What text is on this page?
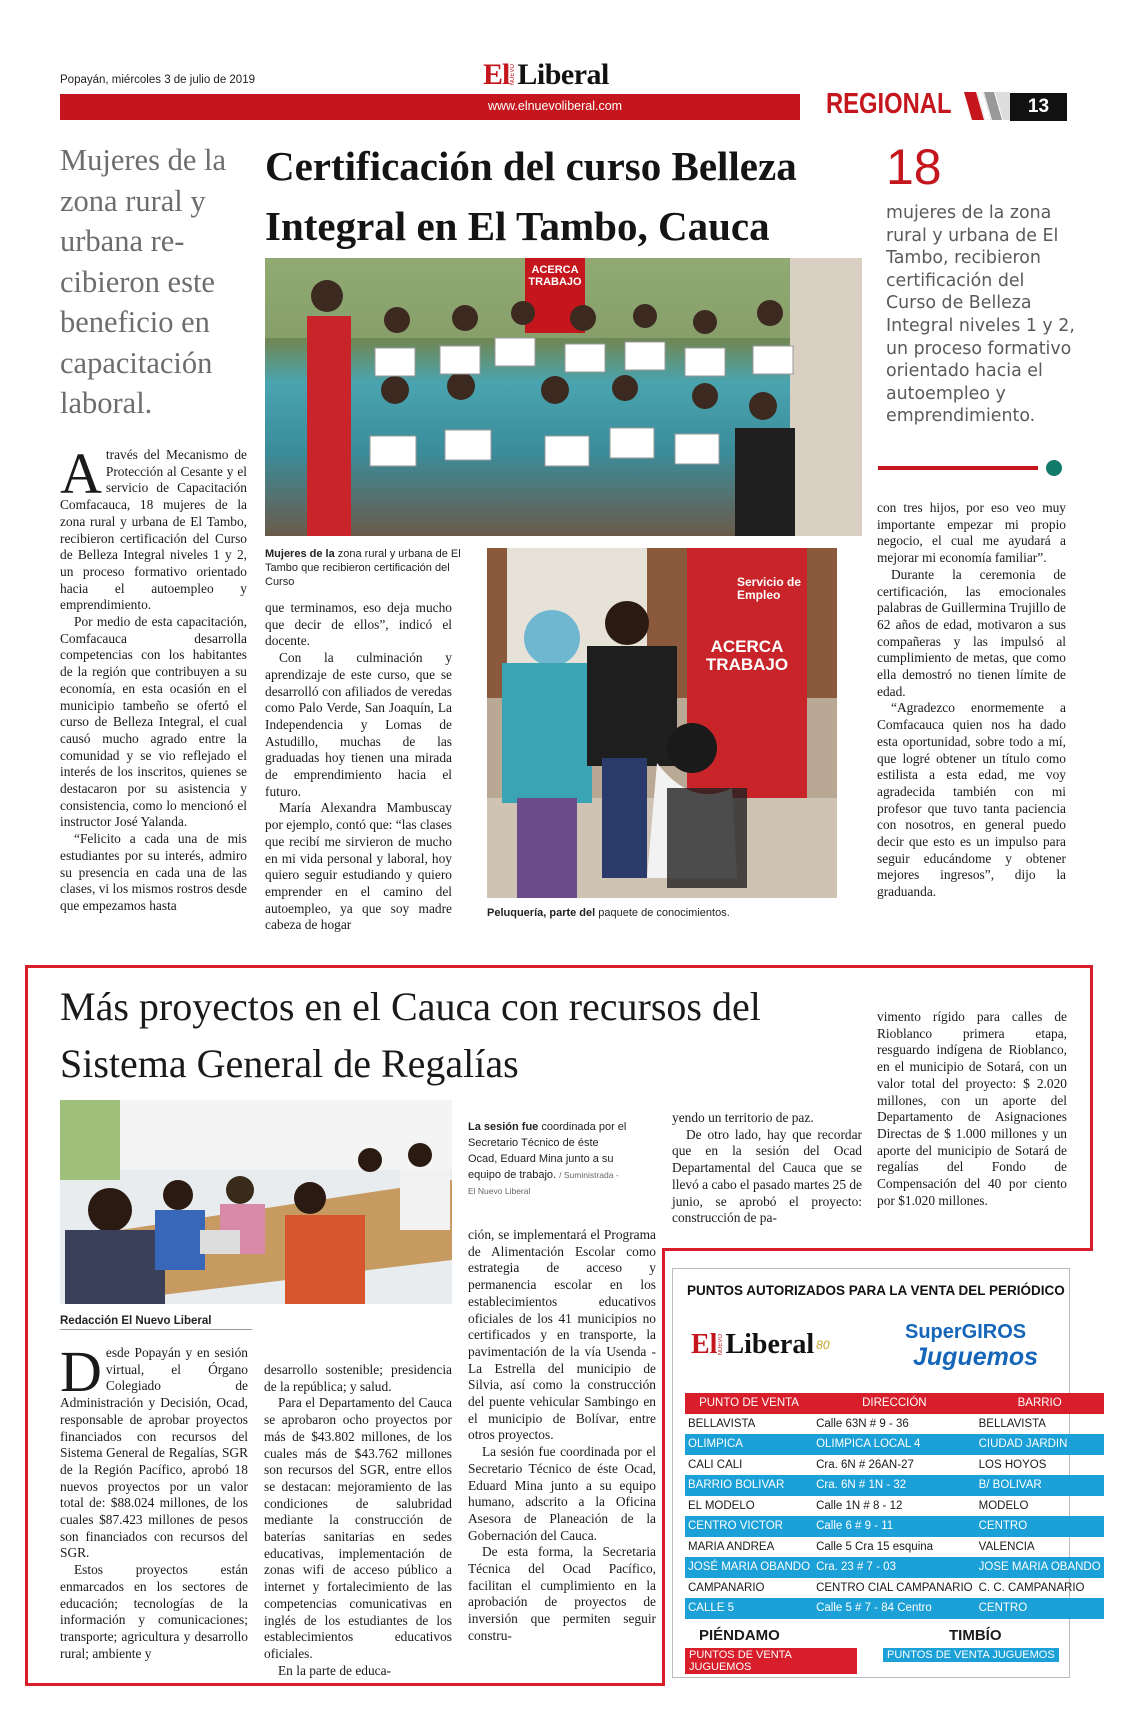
Popayán, miércoles 3 de julio de 2019	El NUEVO Liberal
www.elnuevoliberal.com	REGIONAL	13
Mujeres de la zona rural y urbana re-cibieron este beneficio en capacitación laboral.
Certificación del curso Belleza Integral en El Tambo, Cauca
ACERCA TRABAJO
Mujeres de la zona rural y urbana de El Tambo que recibieron certificación del Curso	Servicio de Empleo
ACERCA TRABAJO
Peluquería, parte del paquete de conocimientos.
18
mujeres de la zona rural y urbana de El Tambo, recibieron certificación del Curso de Belleza Integral niveles 1 y 2, un proceso formativo orientado hacia el autoempleo y emprendimiento.
A través del Mecanismo de Protección al Cesante y el servicio de Capacitación Comfacauca, 18 mujeres de la zona rural y urbana de El Tambo, recibieron certificación del Curso de Belleza Integral niveles 1 y 2, un proceso formativo orientado hacia el autoempleo y emprendimiento.

Por medio de esta capacitación, Comfacauca desarrolla competencias con los habitantes de la región que contribuyen a su economía, en esta ocasión en el municipio tambeño se ofertó el curso de Belleza Integral, el cual causó mucho agrado entre la comunidad y se vio reflejado el interés de los inscritos, quienes se destacaron por su asistencia y consistencia, como lo mencionó el instructor José Yalanda.

“Felicito a cada una de mis estudiantes por su interés, admiro su presencia en cada una de las clases, vi los mismos rostros desde que empezamos hasta

que terminamos, eso deja mucho que decir de ellos”, indicó el docente.

Con la culminación y aprendizaje de este curso, que se desarrolló con afiliados de veredas como Palo Verde, San Joaquín, La Independencia y Lomas de Astudillo, muchas de las graduadas hoy tienen una mirada de emprendimiento hacia el futuro.

María Alexandra Mambuscay por ejemplo, contó que: “las clases que recibí me sirvieron de mucho en mi vida personal y laboral, hoy quiero seguir estudiando y quiero emprender en el camino del autoempleo, ya que soy madre cabeza de hogar

con tres hijos, por eso veo muy importante empezar mi propio negocio, el cual me ayudará a mejorar mi economía familiar”.

Durante la ceremonia de certificación, las emocionales palabras de Guillermina Trujillo de 62 años de edad, motivaron a sus compañeras y las impulsó al cumplimiento de metas, que como ella demostró no tienen límite de edad.

“Agradezco enormemente a Comfacauca quien nos ha dado esta oportunidad, sobre todo a mí, que logré obtener un título como estilista a esta edad, me voy agradecida también con mi profesor que tuvo tanta paciencia con nosotros, en general puedo decir que esto es un impulso para seguir educándome y obtener mejores ingresos”, dijo la graduanda.

Más proyectos en el Cauca con recursos del Sistema General de Regalías
La sesión fue coordinada por el Secretario Técnico de éste Ocad, Eduard Mina junto a su equipo de trabajo. / Suministrada - El Nuevo Liberal
Redacción El Nuevo Liberal
D esde Popayán y en sesión virtual, el Órgano Colegiado de Administración y Decisión, Ocad, responsable de aprobar proyectos financiados con recursos del Sistema General de Regalías, SGR de la Región Pacífico, aprobó 18 nuevos proyectos por un valor total de: $88.024 millones, de los cuales $87.423 millones de pesos son financiados con recursos del SGR.

Estos proyectos están enmarcados en los sectores de educación; tecnologías de la información y comunicaciones; transporte; agricultura y desarrollo rural; ambiente y

desarrollo sostenible; presidencia de la república; y salud.

Para el Departamento del Cauca se aprobaron ocho proyectos por más de $43.802 millones, de los cuales más de $43.762 millones son recursos del SGR, entre ellos se destacan: mejoramiento de las condiciones de salubridad mediante la construcción de baterías sanitarias en sedes educativas, implementación de zonas wifi de acceso público a internet y fortalecimiento de las competencias comunicativas en inglés de los estudiantes de los establecimientos educativos oficiales.

En la parte de educa-

ción, se implementará el Programa de Alimentación Escolar como estrategia de acceso y permanencia escolar en los establecimientos educativos oficiales de los 41 municipios no certificados y en transporte, la pavimentación de la vía Usenda - La Estrella del municipio de Silvia, así como la construcción del puente vehicular Sambingo en el municipio de Bolívar, entre otros proyectos.

La sesión fue coordinada por el Secretario Técnico de éste Ocad, Eduard Mina junto a su equipo humano, adscrito a la Oficina Asesora de Planeación de la Gobernación del Cauca.

De esta forma, la Secretaria Técnica del Ocad Pacífico, facilitan el cumplimiento en la aprobación de proyectos de inversión que permiten seguir constru-

yendo un territorio de paz.

De otro lado, hay que recordar que en la sesión del Ocad Departamental del Cauca que se llevó a cabo el pasado martes 25 de junio, se aprobó el proyecto: construcción de pa-

vimento rígido para calles de Rioblanco primera etapa, resguardo indígena de Rioblanco, en el municipio de Sotará, con un valor total del proyecto: $ 2.020 millones, con un aporte del Departamento de Asignaciones Directas de $ 1.000 millones y un aporte del municipio de Sotará de regalías del Fondo de Compensación del 40 por ciento por $1.020 millones.

PUNTOS AUTORIZADOS PARA LA VENTA DEL PERIÓDICO
El NUEVO Liberal 80
SuperGIROS
Juguemos
PUNTO DE VENTA	DIRECCIÓN	BARRIO
BELLAVISTA	Calle 63N # 9 - 36	BELLAVISTA
OLIMPICA	OLIMPICA LOCAL 4	CIUDAD JARDIN
CALI CALI	Cra. 6N # 26AN-27	LOS HOYOS
BARRIO BOLIVAR	Cra. 6N # 1N - 32	B/ BOLIVAR
EL MODELO	Calle 1N # 8 - 12	MODELO
CENTRO VICTOR	Calle 6 # 9 - 11	CENTRO
MARIA ANDREA	Calle 5 Cra 15 esquina	VALENCIA
JOSÉ MARIA OBANDO	Cra. 23 # 7 - 03	JOSE MARIA OBANDO
CAMPANARIO	CENTRO CIAL CAMPANARIO	C. C. CAMPANARIO
CALLE 5	Calle 5 # 7 - 84 Centro	CENTRO
PIÉNDAMO
PUNTOS DE VENTA JUGUEMOS
TIMBÍO
PUNTOS DE VENTA JUGUEMOS
